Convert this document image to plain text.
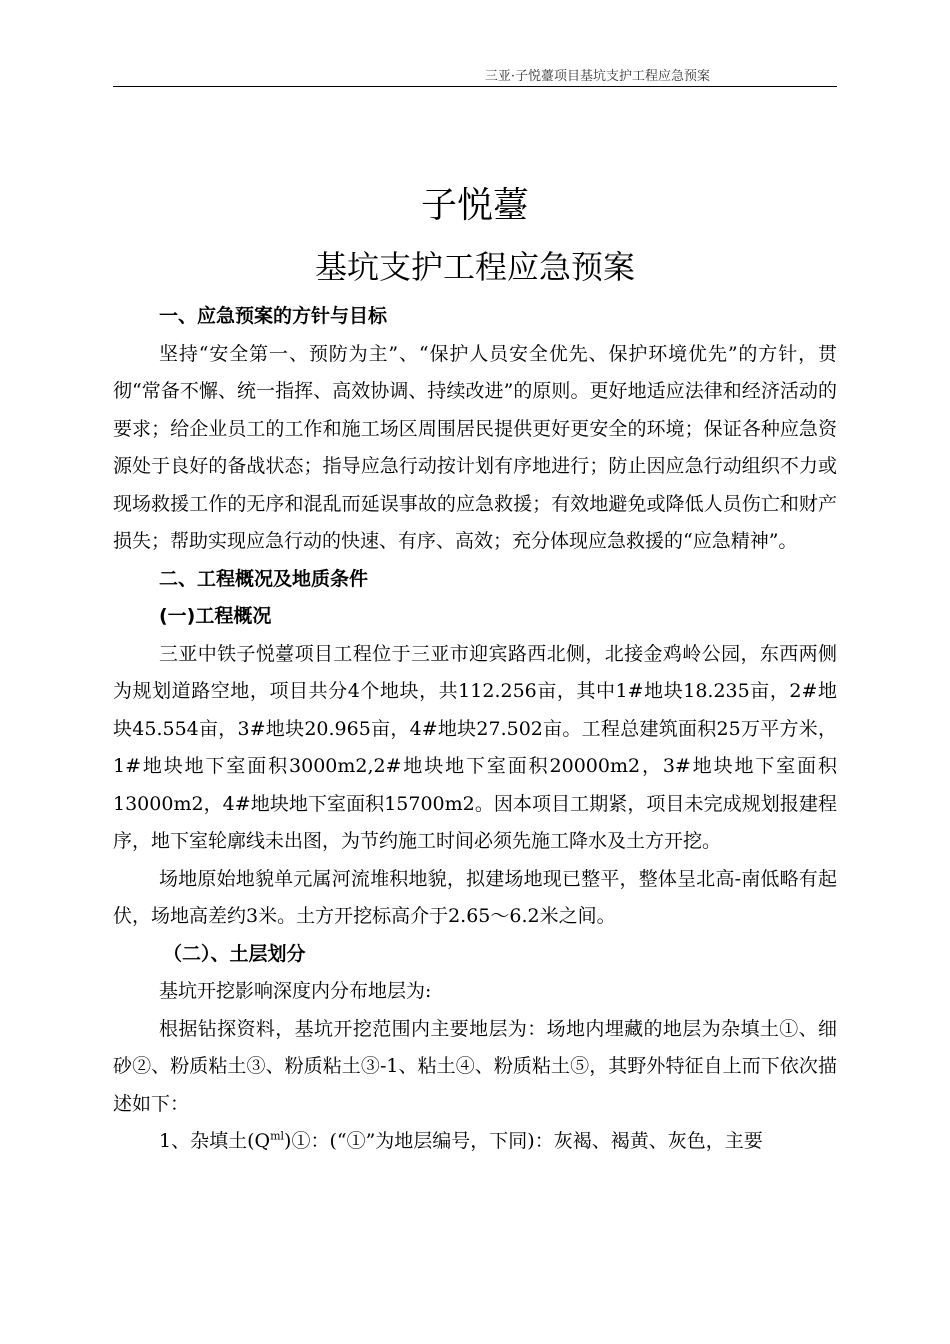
三亚·子悦薹项目基坑支护工程应急预案
子悦薹
基坑支护工程应急预案
一、应急预案的方针与目标
坚持“安全第一、预防为主”、“保护人员安全优先、保护环境优先”的方针，贯彻“常备不懈、统一指挥、高效协调、持续改进”的原则。更好地适应法律和经济活动的要求；给企业员工的工作和施工场区周围居民提供更好更安全的环境；保证各种应急资源处于良好的备战状态；指导应急行动按计划有序地进行；防止因应急行动组织不力或现场救援工作的无序和混乱而延误事故的应急救援；有效地避免或降低人员伤亡和财产损失；帮助实现应急行动的快速、有序、高效；充分体现应急救援的“应急精神”。
二、工程概况及地质条件
(一)工程概况
三亚中铁子悦薹项目工程位于三亚市迎宾路西北侧，北接金鸡岭公园，东西两侧为规划道路空地，项目共分4个地块，共112.256亩，其中1#地块18.235亩，2#地块45.554亩，3#地块20.965亩，4#地块27.502亩。工程总建筑面积25万平方米， 1#地块地下室面积3000m2,2#地块地下室面积20000m2，3#地块地下室面积13000m2，4#地块地下室面积15700m2。因本项目工期紧，项目未完成规划报建程序，地下室轮廓线未出图，为节约施工时间必须先施工降水及土方开挖。
场地原始地貌单元属河流堆积地貌，拟建场地现已整平，整体呈北高-南低略有起伏，场地高差约3米。土方开挖标高介于2.65～6.2米之间。
（二）、土层划分
基坑开挖影响深度内分布地层为:
根据钻探资料，基坑开挖范围内主要地层为：场地内埋藏的地层为杂填土①、细砂②、粉质粘土③、粉质粘土③-1、粘土④、粉质粘土⑤，其野外特征自上而下依次描述如下：
1、杂填土$(Q^{ml})①$：(“①”为地层编号，下同)：灰褐、褐黄、灰色，主要
